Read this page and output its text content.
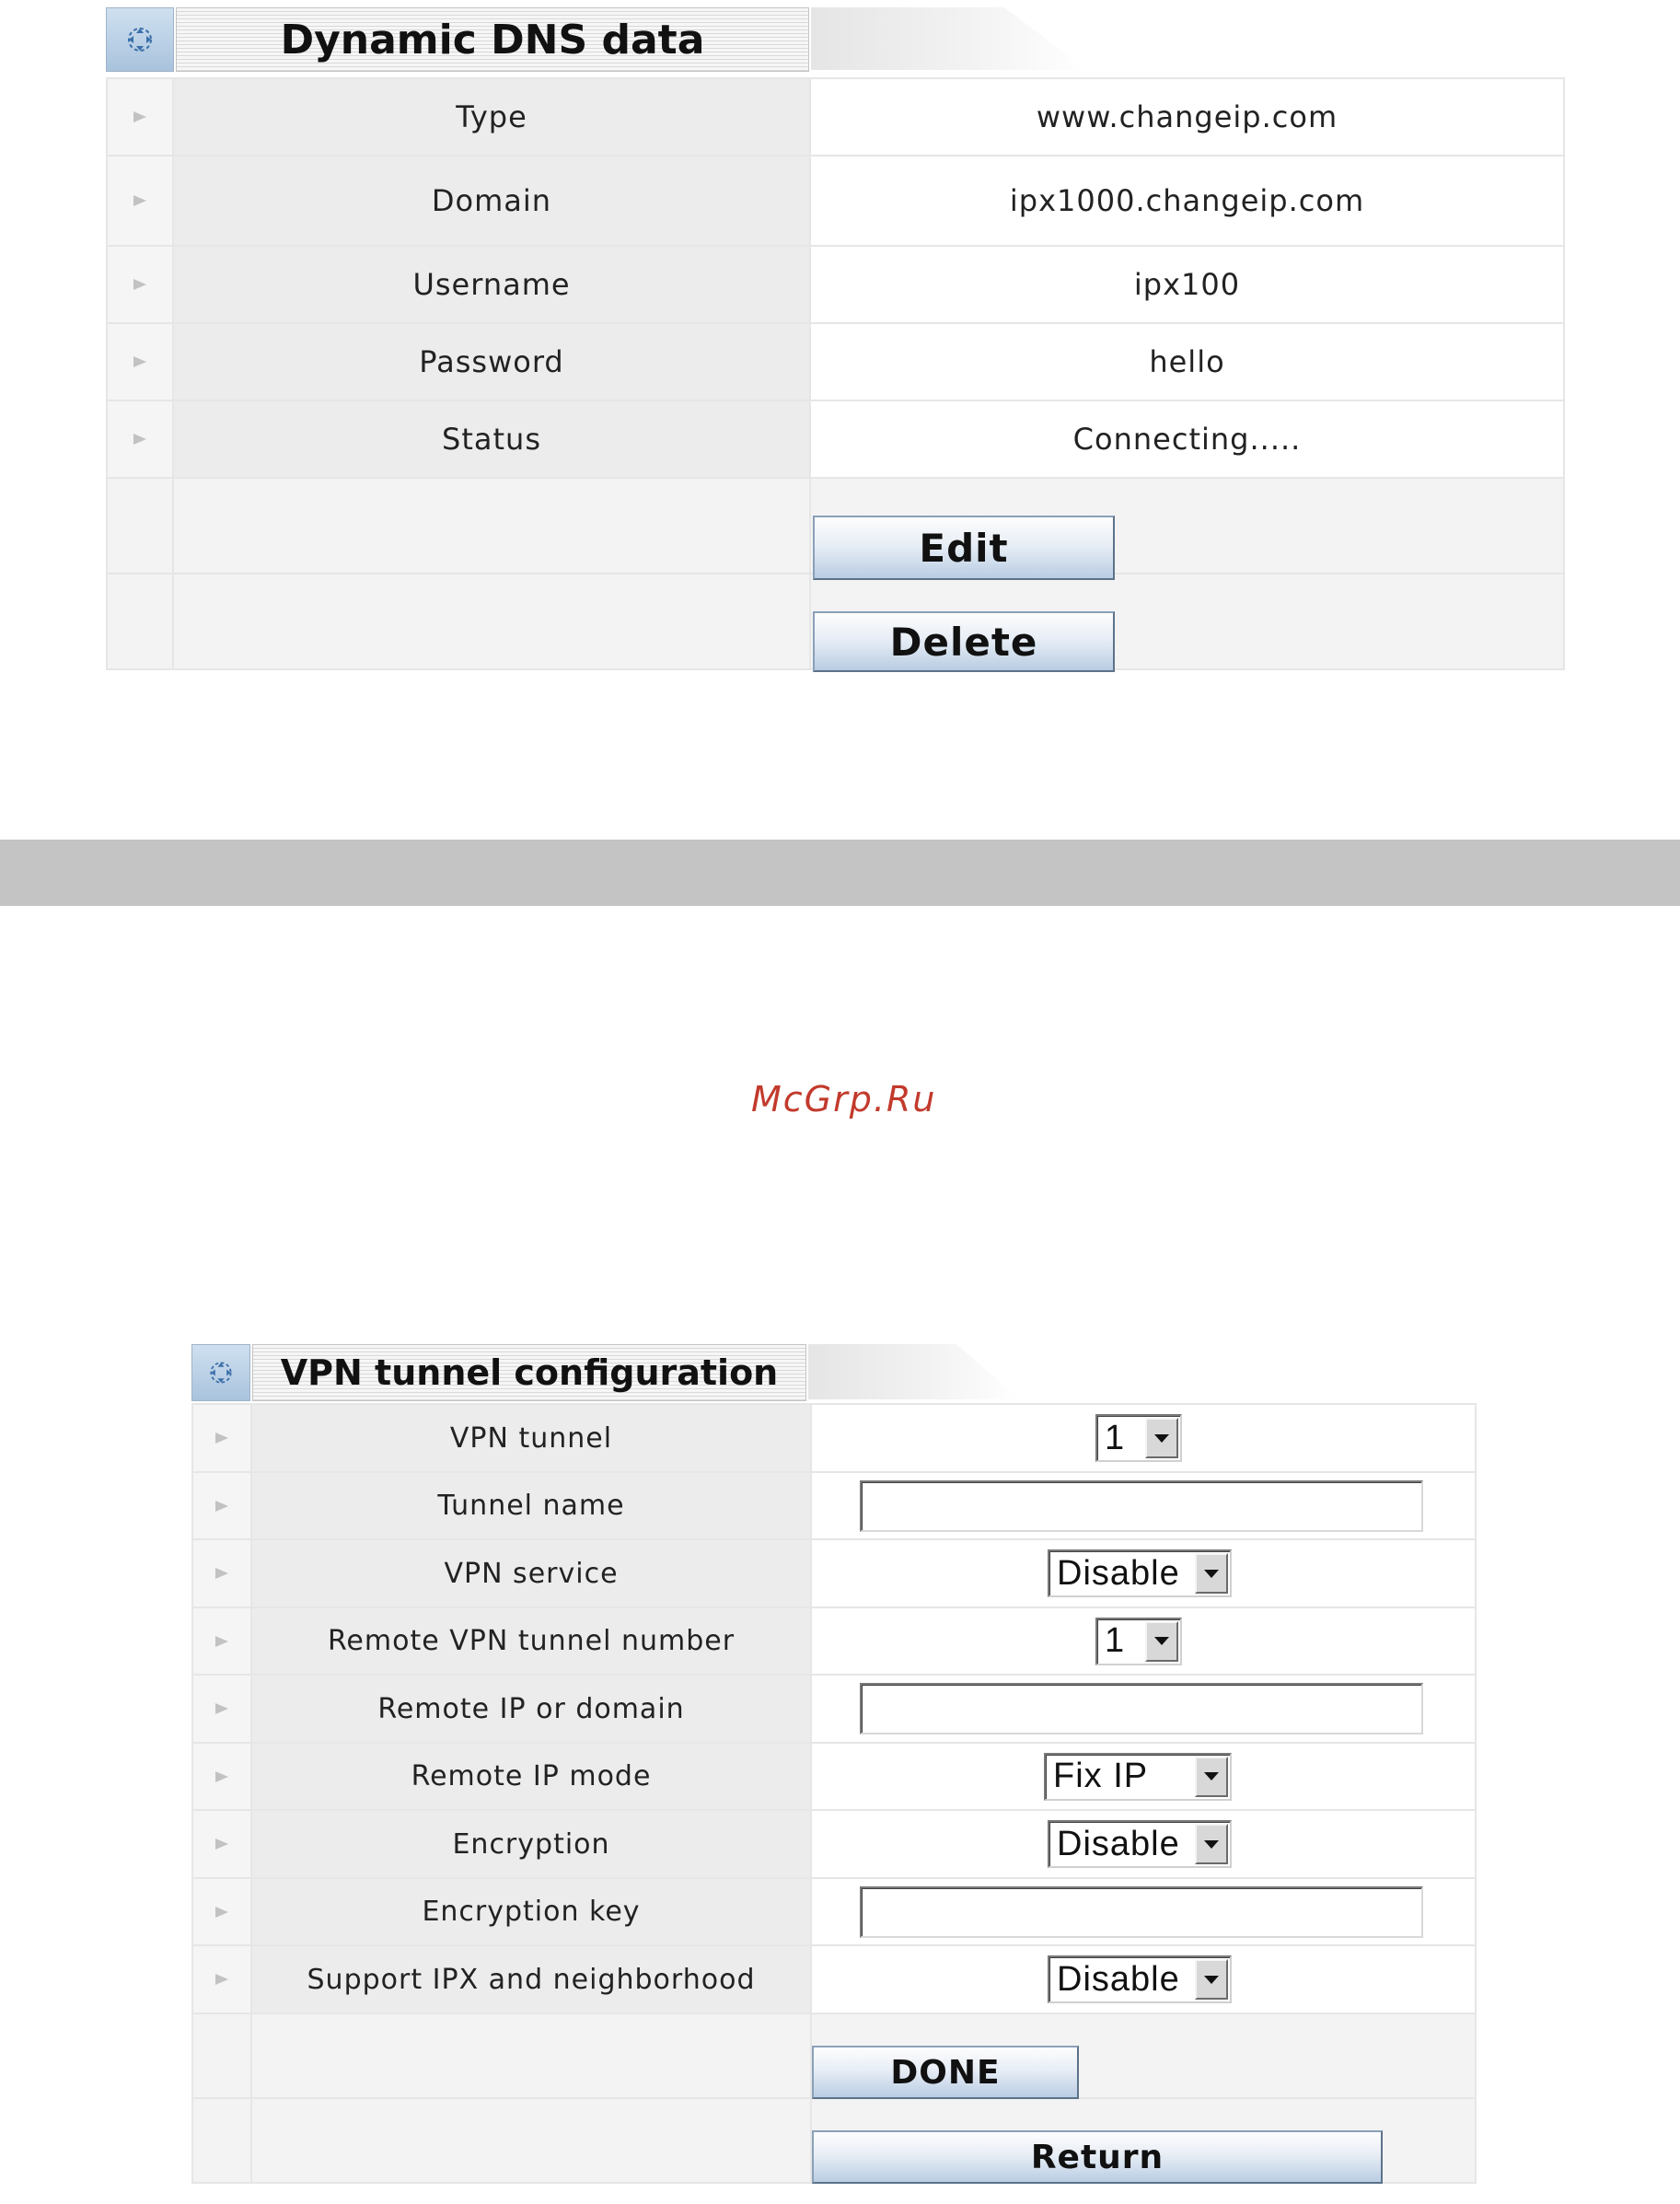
Dynamic DNS data
Type	www.changeip.com
Domain	ipx1000.changeip.com
Username	ipx100
Password	hello
Status	Connecting.....
Edit
Delete
McGrp.Ru
VPN tunnel configuration
VPN tunnel	1
Tunnel name
VPN service	Disable
Remote VPN tunnel number	1
Remote IP or domain
Remote IP mode	Fix IP
Encryption	Disable
Encryption key
Support IPX and neighborhood	Disable
DONE
Return
